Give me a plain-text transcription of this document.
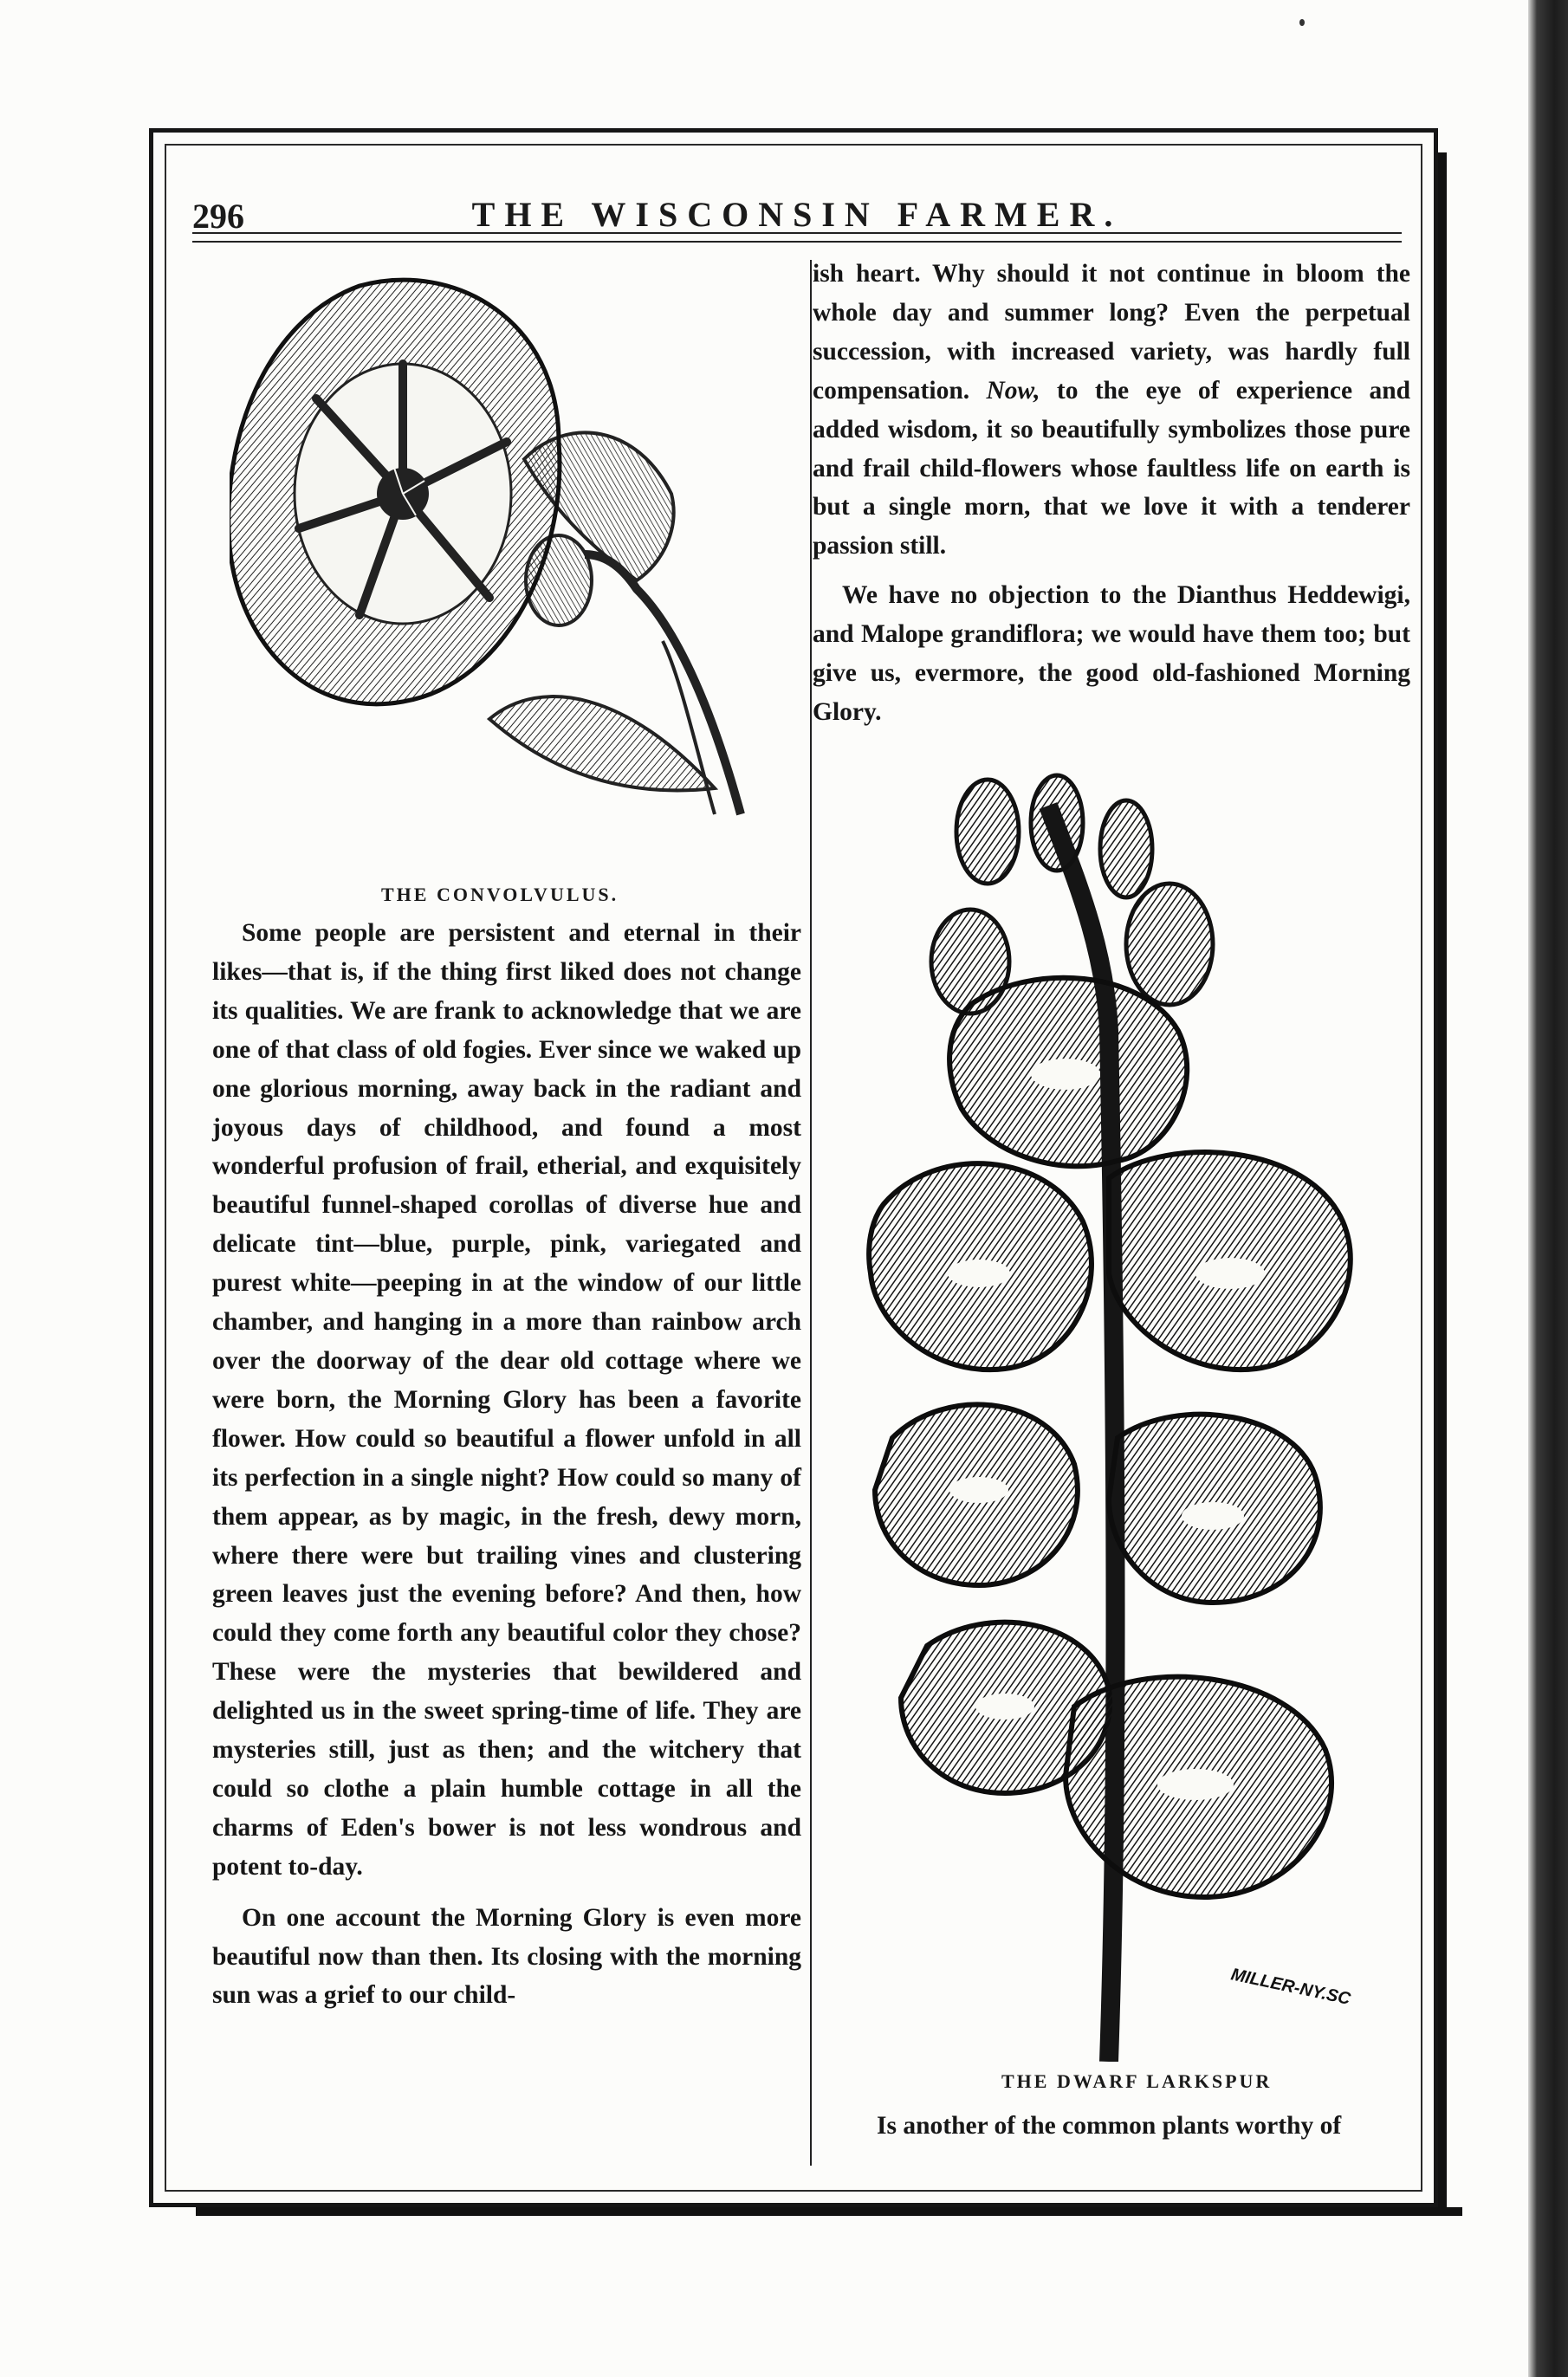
296	THE WISCONSIN FARMER.
THE CONVOLVULUS.

Some people are persistent and eternal in their likes—that is, if the thing first liked does not change its qualities. We are frank to acknowledge that we are one of that class of old fogies. Ever since we waked up one glorious morning, away back in the radiant and joyous days of childhood, and found a most wonderful profusion of frail, etherial, and exquisitely beautiful funnel-shaped corollas of diverse hue and delicate tint—blue, purple, pink, variegated and purest white—peeping in at the window of our little chamber, and hanging in a more than rainbow arch over the doorway of the dear old cottage where we were born, the Morning Glory has been a favorite flower. How could so beautiful a flower unfold in all its perfection in a single night? How could so many of them appear, as by magic, in the fresh, dewy morn, where there were but trailing vines and clustering green leaves just the evening before? And then, how could they come forth any beautiful color they chose? These were the mysteries that bewildered and delighted us in the sweet spring-time of life. They are mysteries still, just as then; and the witchery that could so clothe a plain humble cottage in all the charms of Eden's bower is not less wondrous and potent to-day.

On one account the Morning Glory is even more beautiful now than then. Its closing with the morning sun was a grief to our child-

ish heart. Why should it not continue in bloom the whole day and summer long? Even the perpetual succession, with increased variety, was hardly full compensation. Now, to the eye of experience and added wisdom, it so beautifully symbolizes those pure and frail child-flowers whose faultless life on earth is but a single morn, that we love it with a tenderer passion still.

We have no objection to the Dianthus Heddewigi, and Malope grandiflora; we would have them too; but give us, evermore, the good old-fashioned Morning Glory.

MILLER-NY.SC
THE DWARF LARKSPUR
Is another of the common plants worthy of
